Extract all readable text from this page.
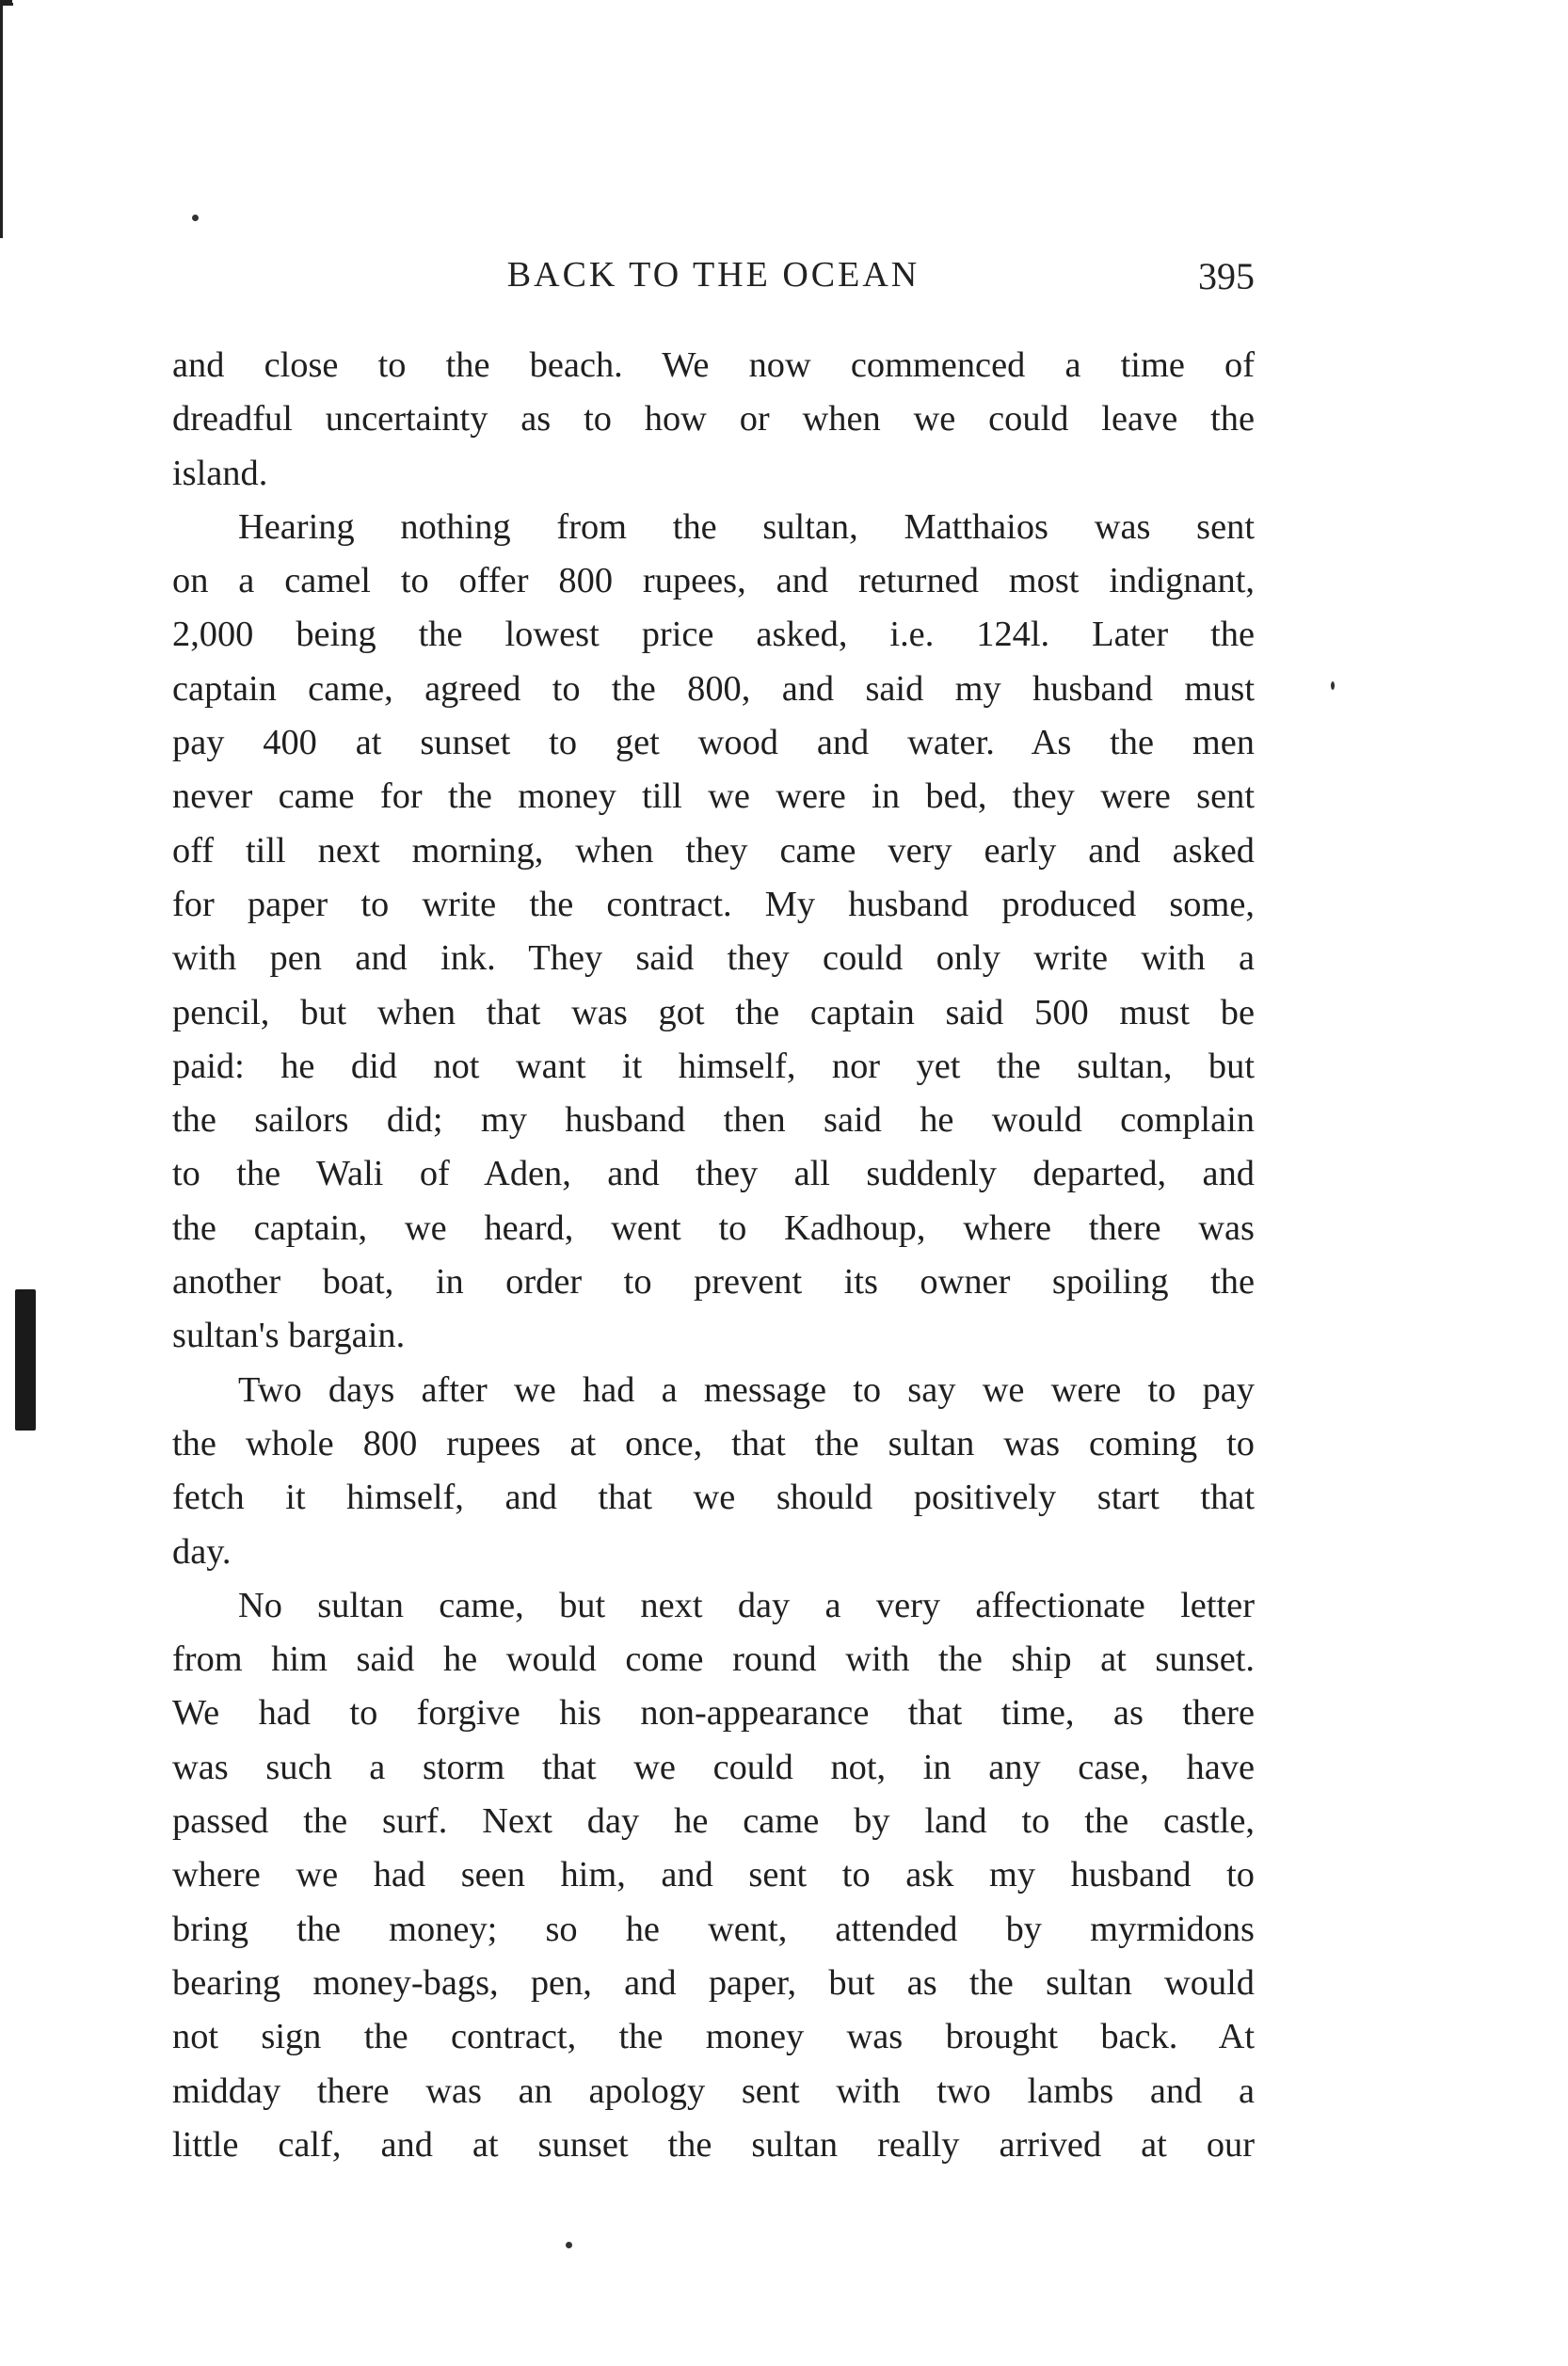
BACK TO THE OCEAN	395
and close to the beach. We now commenced a time of
dreadful uncertainty as to how or when we could leave the
island.
Hearing nothing from the sultan, Matthaios was sent
on a camel to offer 800 rupees, and returned most indignant,
2,000 being the lowest price asked, i.e. 124l. Later the
captain came, agreed to the 800, and said my husband must
pay 400 at sunset to get wood and water. As the men
never came for the money till we were in bed, they were sent
off till next morning, when they came very early and asked
for paper to write the contract. My husband produced some,
with pen and ink. They said they could only write with a
pencil, but when that was got the captain said 500 must be
paid: he did not want it himself, nor yet the sultan, but
the sailors did; my husband then said he would complain
to the Wali of Aden, and they all suddenly departed, and
the captain, we heard, went to Kadhoup, where there was
another boat, in order to prevent its owner spoiling the
sultan's bargain.
Two days after we had a message to say we were to pay
the whole 800 rupees at once, that the sultan was coming to
fetch it himself, and that we should positively start that
day.
No sultan came, but next day a very affectionate letter
from him said he would come round with the ship at sunset.
We had to forgive his non-appearance that time, as there
was such a storm that we could not, in any case, have
passed the surf. Next day he came by land to the castle,
where we had seen him, and sent to ask my husband to
bring the money; so he went, attended by myrmidons
bearing money-bags, pen, and paper, but as the sultan would
not sign the contract, the money was brought back. At
midday there was an apology sent with two lambs and a
little calf, and at sunset the sultan really arrived at our
